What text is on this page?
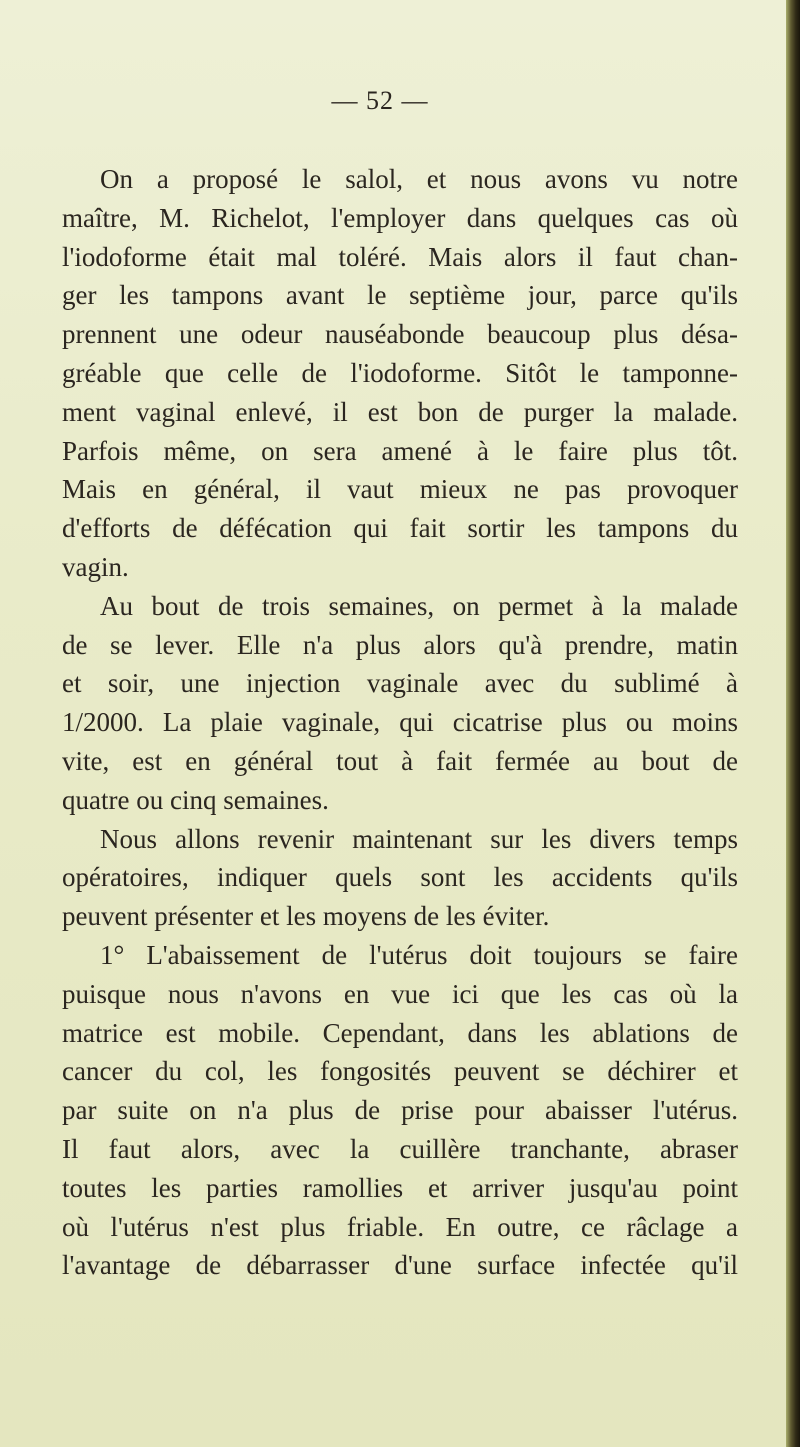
— 52 —

On a proposé le salol, et nous avons vu notre
maître, M. Richelot, l'employer dans quelques cas où
l'iodoforme était mal toléré. Mais alors il faut chan-
ger les tampons avant le septième jour, parce qu'ils
prennent une odeur nauséabonde beaucoup plus désa-
gréable que celle de l'iodoforme. Sitôt le tamponne-
ment vaginal enlevé, il est bon de purger la malade.
Parfois même, on sera amené à le faire plus tôt.
Mais en général, il vaut mieux ne pas provoquer
d'efforts de défécation qui fait sortir les tampons du
vagin.

Au bout de trois semaines, on permet à la malade
de se lever. Elle n'a plus alors qu'à prendre, matin
et soir, une injection vaginale avec du sublimé à
1/2000. La plaie vaginale, qui cicatrise plus ou moins
vite, est en général tout à fait fermée au bout de
quatre ou cinq semaines.

Nous allons revenir maintenant sur les divers temps
opératoires, indiquer quels sont les accidents qu'ils
peuvent présenter et les moyens de les éviter.

1° L'abaissement de l'utérus doit toujours se faire
puisque nous n'avons en vue ici que les cas où la
matrice est mobile. Cependant, dans les ablations de
cancer du col, les fongosités peuvent se déchirer et
par suite on n'a plus de prise pour abaisser l'utérus.
Il faut alors, avec la cuillère tranchante, abraser
toutes les parties ramollies et arriver jusqu'au point
où l'utérus n'est plus friable. En outre, ce râclage a
l'avantage de débarrasser d'une surface infectée qu'il
